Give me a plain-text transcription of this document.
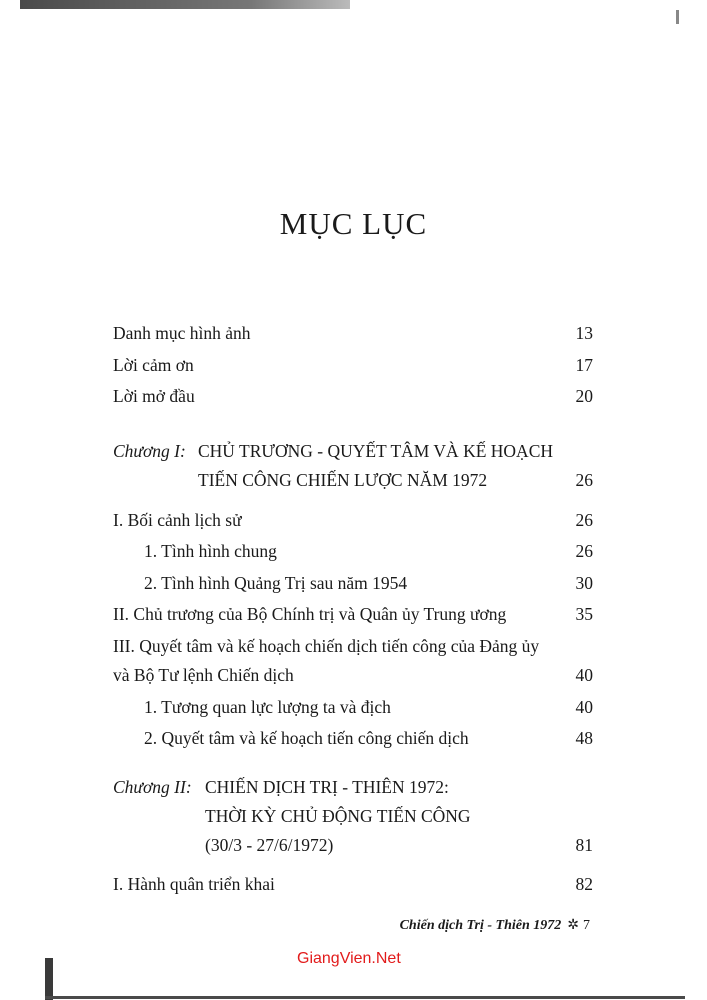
MỤC LỤC
Danh mục hình ảnh	13
Lời cảm ơn	17
Lời mở đầu	20
Chương I: CHỦ TRƯƠNG - QUYẾT TÂM VÀ KẾ HOẠCH
TIẾN CÔNG CHIẾN LƯỢC NĂM 1972	26
I. Bối cảnh lịch sử	26
1. Tình hình chung	26
2. Tình hình Quảng Trị sau năm 1954	30
II. Chủ trương của Bộ Chính trị và Quân ủy Trung ương	35
III. Quyết tâm và kế hoạch chiến dịch tiến công của Đảng ủy
và Bộ Tư lệnh Chiến dịch	40
1. Tương quan lực lượng ta và địch	40
2. Quyết tâm và kế hoạch tiến công chiến dịch	48
Chương II: CHIẾN DỊCH TRỊ - THIÊN 1972:
THỜI KỲ CHỦ ĐỘNG TIẾN CÔNG
(30/3 - 27/6/1972)	81
I. Hành quân triển khai	82
Chiến dịch Trị - Thiên 1972 ✲ 7
GiangVien.Net
